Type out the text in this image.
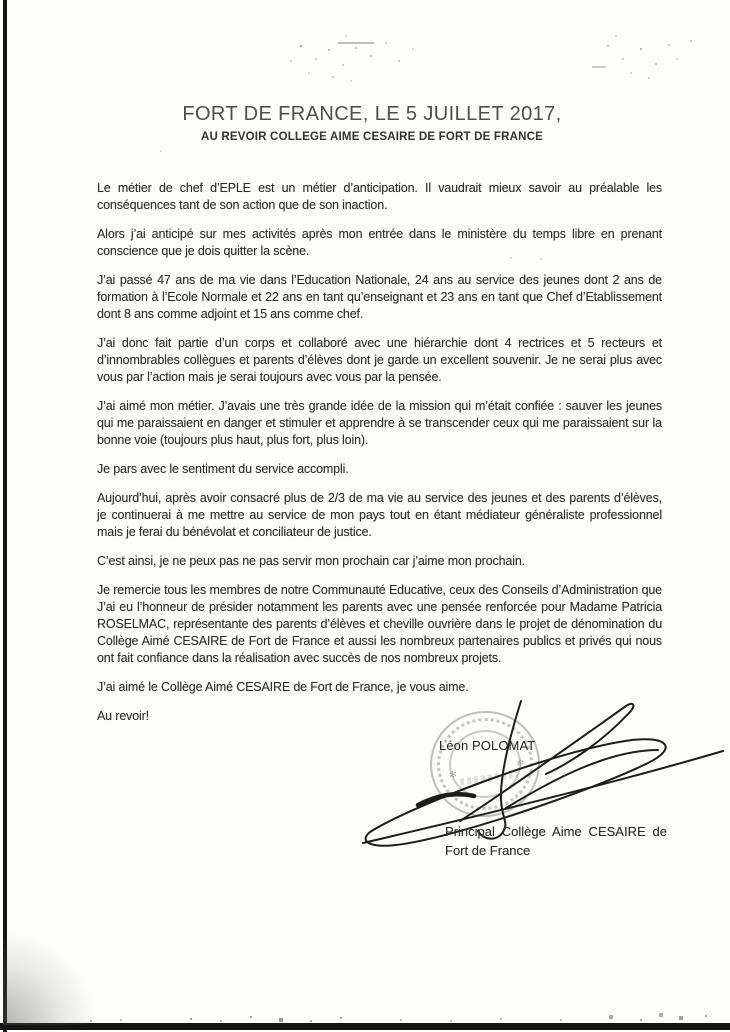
FORT DE FRANCE, LE 5 JUILLET 2017,
AU REVOIR COLLEGE AIME CESAIRE DE FORT DE FRANCE

Le métier de chef d’EPLE est un métier d’anticipation. Il vaudrait mieux savoir au préalable les conséquences tant de son action que de son inaction.

Alors j’ai anticipé sur mes activités après mon entrée dans le ministère du temps libre en prenant conscience que je dois quitter la scène.

J’ai passé 47 ans de ma vie dans l’Education Nationale, 24 ans au service des jeunes dont 2 ans de formation à l’Ecole Normale et 22 ans en tant qu’enseignant et 23 ans en tant que Chef d’Etablissement dont 8 ans comme adjoint et 15 ans comme chef.

J’ai donc fait partie d’un corps et collaboré avec une hiérarchie dont 4 rectrices et 5 recteurs et d’innombrables collègues et parents d’élèves dont je garde un excellent souvenir. Je ne serai plus avec vous par l’action mais je serai toujours avec vous par la pensée.

J’ai aimé mon métier. J’avais une très grande idée de la mission qui m’était confiée : sauver les jeunes qui me paraissaient en danger et stimuler et apprendre à se transcender ceux qui me paraissaient sur la bonne voie (toujours plus haut, plus fort, plus loin).

Je pars avec le sentiment du service accompli.

Aujourd’hui, après avoir consacré plus de 2/3 de ma vie au service des jeunes et des parents d’élèves, je continuerai à me mettre au service de mon pays tout en étant médiateur généraliste professionnel mais je ferai du bénévolat et conciliateur de justice.

C’est ainsi, je ne peux pas ne pas servir mon prochain car j’aime mon prochain.

Je remercie tous les membres de notre Communauté Educative, ceux des Conseils d’Administration que J’ai eu l’honneur de présider notamment les parents avec une pensée renforcée pour Madame Patricia ROSELMAC, représentante des parents d’élèves et cheville ouvrière dans le projet de dénomination du Collège Aimé CESAIRE de Fort de France et aussi les nombreux partenaires publics et privés qui nous ont fait confiance dans la réalisation avec succès de nos nombreux projets.

J’ai aimé le Collège Aimé CESAIRE de Fort de France, je vous aime.

Au revoir!

✻
✻
Léon POLOMAT
Principal Collège Aime CESAIRE de Fort de France
